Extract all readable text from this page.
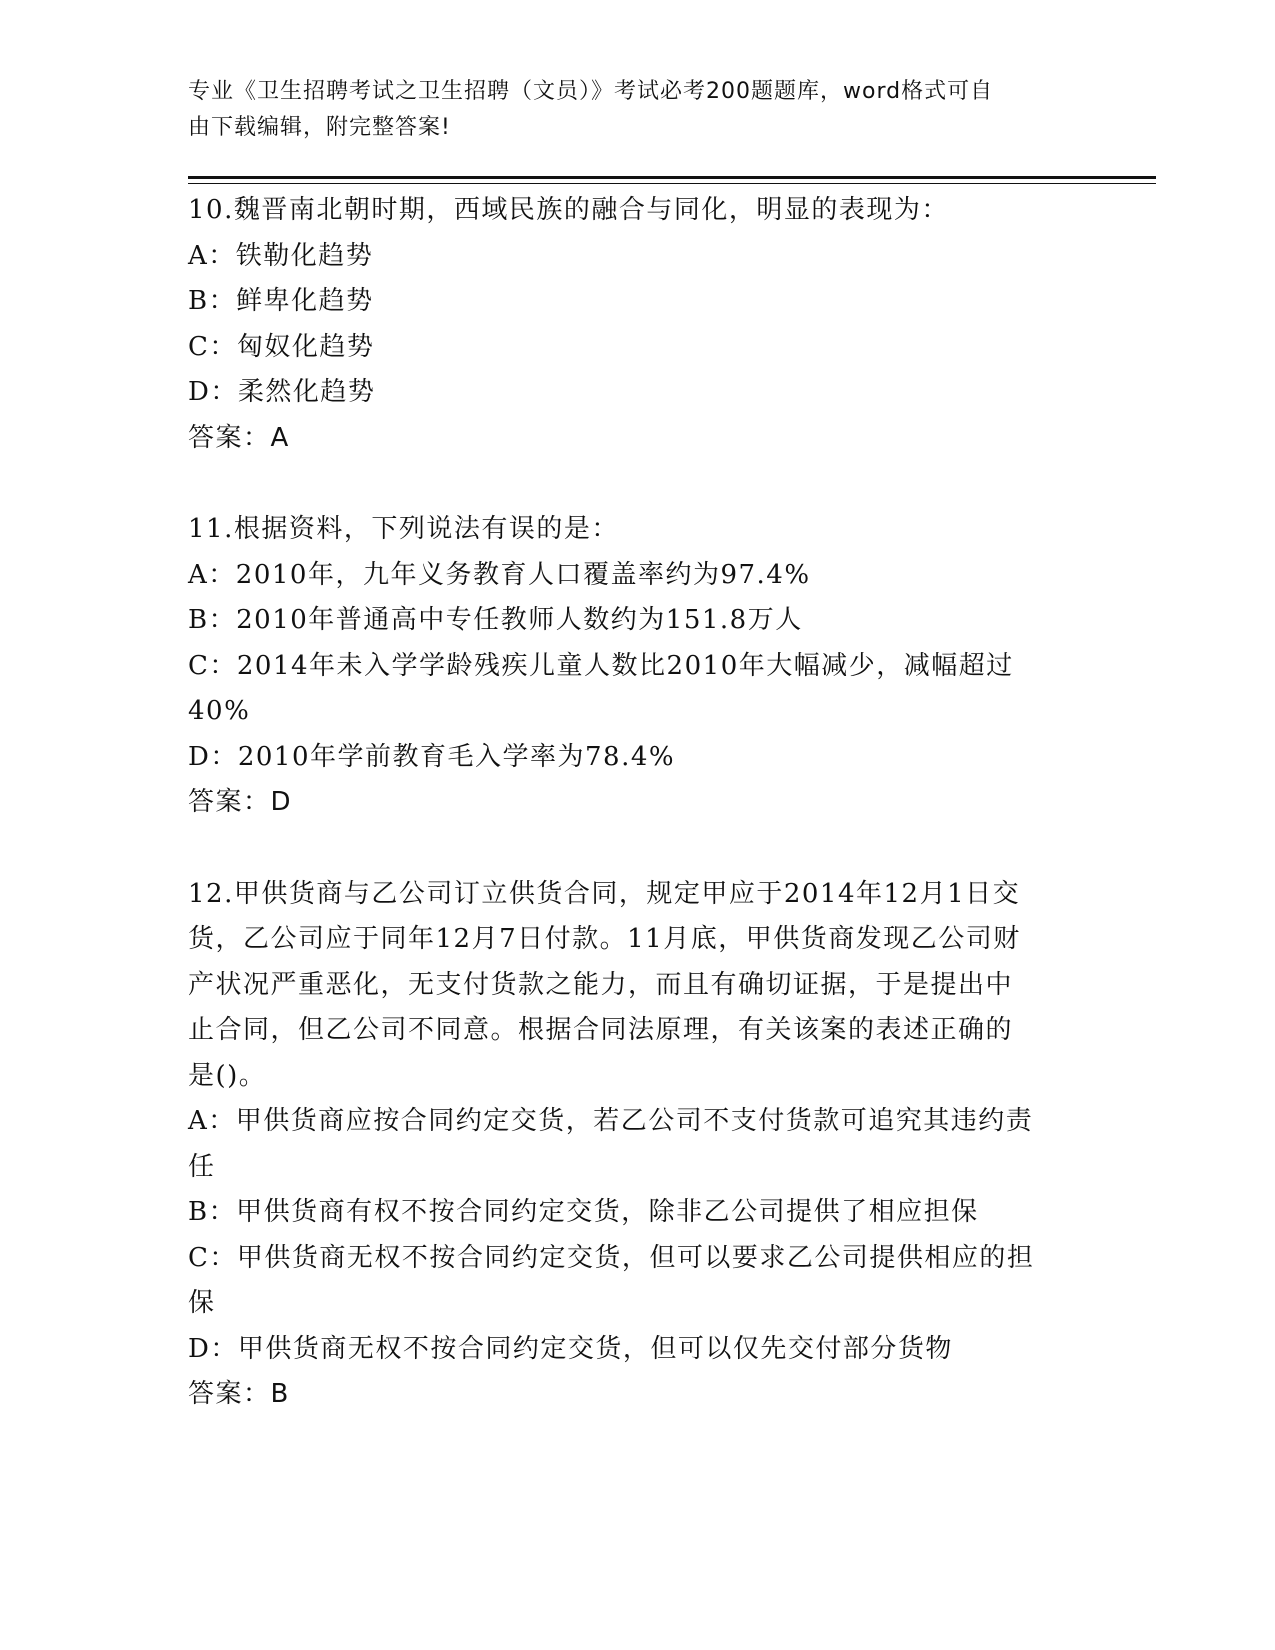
专业《卫生招聘考试之卫生招聘（文员）》考试必考200题题库，word格式可自
由下载编辑，附完整答案!
10.魏晋南北朝时期，西域民族的融合与同化，明显的表现为：
A：铁勒化趋势
B：鲜卑化趋势
C：匈奴化趋势
D：柔然化趋势
答案：A
11.根据资料，下列说法有误的是：
A：2010年，九年义务教育人口覆盖率约为97.4%
B：2010年普通高中专任教师人数约为151.8万人
C：2014年未入学学龄残疾儿童人数比2010年大幅减少，减幅超过
40%
D：2010年学前教育毛入学率为78.4%
答案：D
12.甲供货商与乙公司订立供货合同，规定甲应于2014年12月1日交
货，乙公司应于同年12月7日付款。11月底，甲供货商发现乙公司财
产状况严重恶化，无支付货款之能力，而且有确切证据，于是提出中
止合同，但乙公司不同意。根据合同法原理，有关该案的表述正确的
是()。
A：甲供货商应按合同约定交货，若乙公司不支付货款可追究其违约责
任
B：甲供货商有权不按合同约定交货，除非乙公司提供了相应担保
C：甲供货商无权不按合同约定交货，但可以要求乙公司提供相应的担
保
D：甲供货商无权不按合同约定交货，但可以仅先交付部分货物
答案：B
